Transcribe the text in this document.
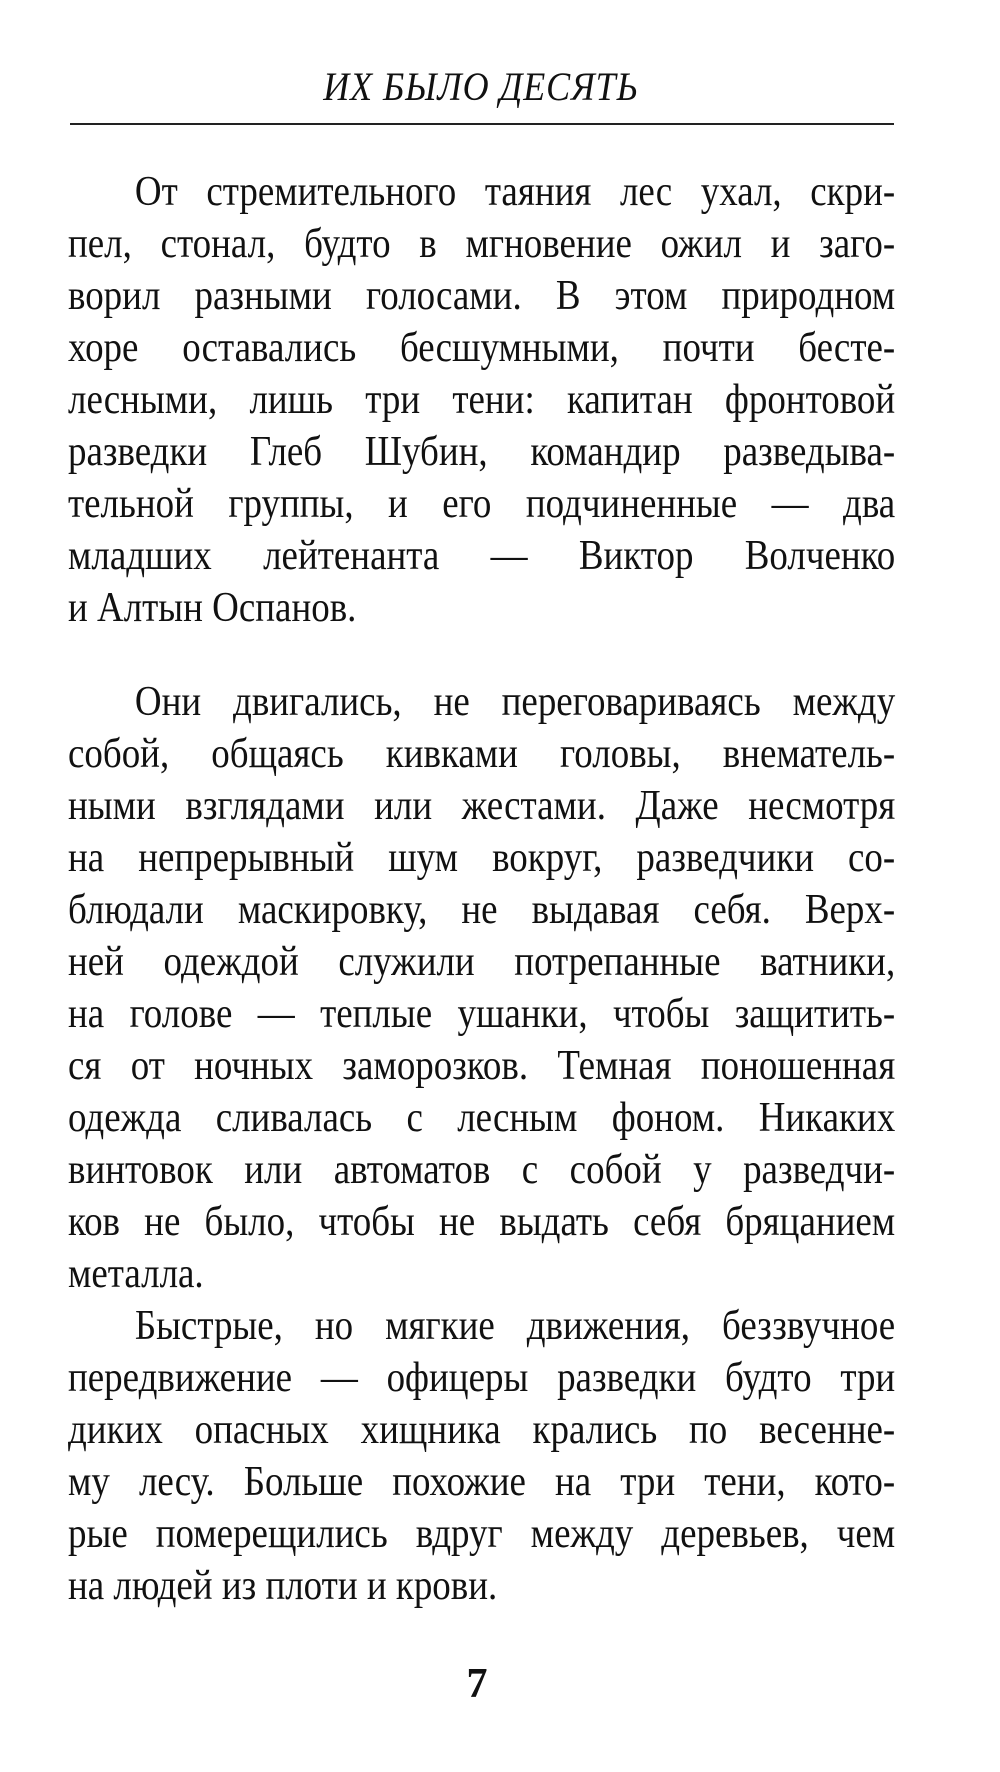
ИХ БЫЛО ДЕСЯТЬ
От стремительного таяния лес ухал, скри-
пел, стонал, будто в мгновение ожил и заго-
ворил разными голосами. В этом природном
хоре оставались бесшумными, почти бесте-
лесными, лишь три тени: капитан фронтовой
разведки Глеб Шубин, командир разведыва-
тельной группы, и его подчиненные — два
младших лейтенанта — Виктор Волченко
и Алтын Оспанов.
Они двигались, не переговариваясь между
собой, общаясь кивками головы, внематель-
ными взглядами или жестами. Даже несмотря
на непрерывный шум вокруг, разведчики со-
блюдали маскировку, не выдавая себя. Верх-
ней одеждой служили потрепанные ватники,
на голове — теплые ушанки, чтобы защитить-
ся от ночных заморозков. Темная поношенная
одежда сливалась с лесным фоном. Никаких
винтовок или автоматов с собой у разведчи-
ков не было, чтобы не выдать себя бряцанием
металла.
Быстрые, но мягкие движения, беззвучное
передвижение — офицеры разведки будто три
диких опасных хищника крались по весенне-
му лесу. Больше похожие на три тени, кото-
рые померещились вдруг между деревьев, чем
на людей из плоти и крови.
7
